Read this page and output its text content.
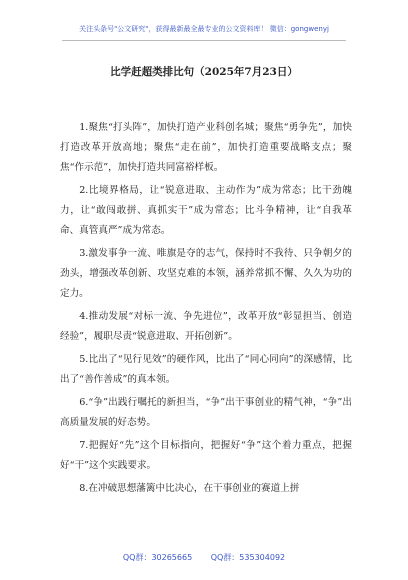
关注头条号"公文研究"，获得最新最全最专业的公文资料库！ 微信：gongwenyj
比学赶超类排比句（2025年7月23日）

1.聚焦“打头阵”，加快打造产业科创名城；聚焦“勇争先”，加快打造改革开放高地；聚焦“走在前”，加快打造重要战略支点；聚焦“作示范”，加快打造共同富裕样板。

2.比境界格局，让“锐意进取、主动作为”成为常态；比干劲魄力，让“敢闯敢拼、真抓实干”成为常态；比斗争精神，让“自我革命、真管真严”成为常态。

3.激发事争一流、唯旗是夺的志气，保持时不我待、只争朝夕的劲头，增强改革创新、攻坚克难的本领，涵养常抓不懈、久久为功的定力。

4.推动发展“对标一流、争先进位”，改革开放“彰显担当、创造经验”，履职尽责“锐意进取、开拓创新”。

5.比出了“见行见效”的硬作风，比出了“同心同向”的深感情，比出了“善作善成”的真本领。

6.“争”出践行嘱托的新担当，“争”出干事创业的精气神，“争”出高质量发展的好态势。

7.把握好“先”这个目标指向，把握好“争”这个着力重点，把握好“干”这个实践要求。

8.在冲破思想藩篱中比决心，在干事创业的赛道上拼

QQ群：30265665 QQ群：535304092
